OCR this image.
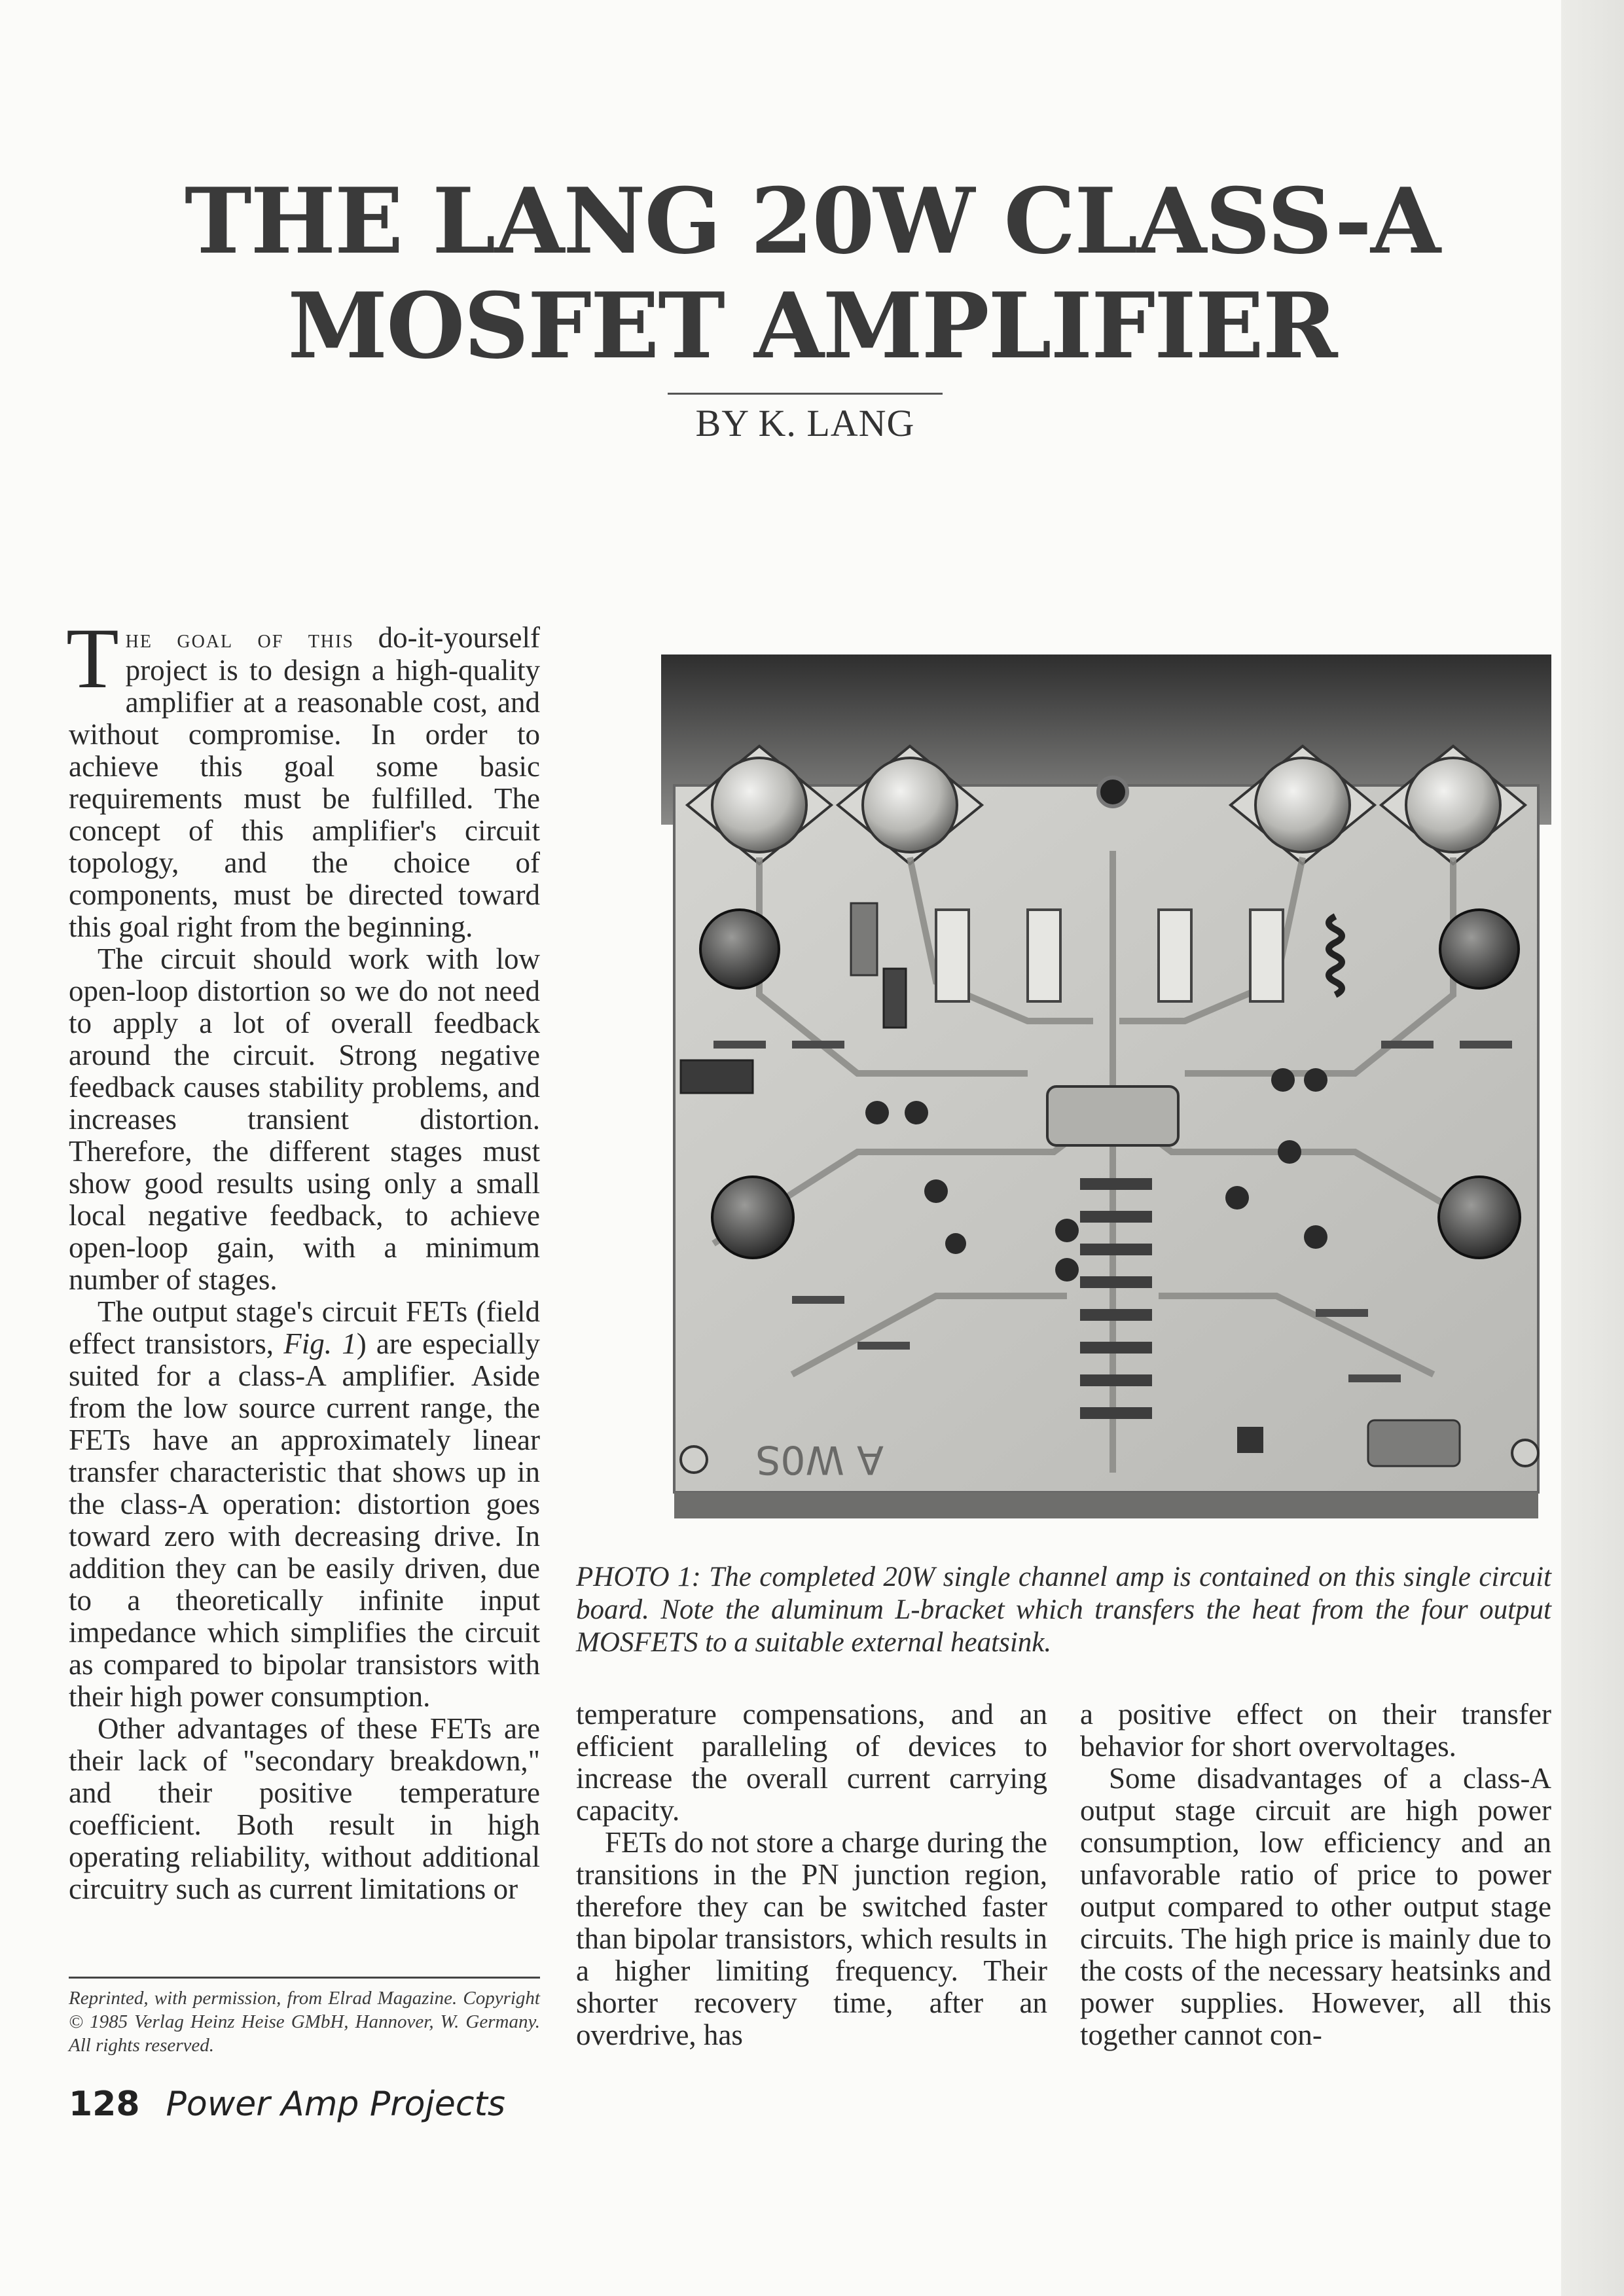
THE LANG 20W CLASS-A
MOSFET AMPLIFIER
BY K. LANG

The goal of this do-it-yourself project is to design a high-quality amplifier at a reasonable cost, and without compromise. In order to achieve this goal some basic requirements must be fulfilled. The concept of this amplifier's circuit topology, and the choice of components, must be directed toward this goal right from the beginning.

The circuit should work with low open-loop distortion so we do not need to apply a lot of overall feedback around the circuit. Strong negative feedback causes stability problems, and increases transient distortion. Therefore, the different stages must show good results using only a small local negative feedback, to achieve open-loop gain, with a minimum number of stages.

The output stage's circuit FETs (field effect transistors, Fig. 1) are especially suited for a class-A amplifier. Aside from the low source current range, the FETs have an approximately linear transfer characteristic that shows up in the class-A operation: distortion goes toward zero with decreasing drive. In addition they can be easily driven, due to a theoretically infinite input impedance which simplifies the circuit as compared to bipolar transistors with their high power consumption.

Other advantages of these FETs are their lack of "secondary breakdown," and their positive temperature coefficient. Both result in high operating reliability, without additional circuitry such as current limitations or

Reprinted, with permission, from Elrad Magazine. Copyright © 1985 Verlag Heinz Heise GMbH, Hannover, W. Germany. All rights reserved.
128 Power Amp Projects
A W0S
PHOTO 1: The completed 20W single channel amp is contained on this single circuit board. Note the aluminum L-bracket which transfers the heat from the four output MOSFETS to a suitable external heatsink.

temperature compensations, and an efficient paralleling of devices to increase the overall current carrying capacity.

FETs do not store a charge during the transitions in the PN junction region, therefore they can be switched faster than bipolar transistors, which results in a higher limiting frequency. Their shorter recovery time, after an overdrive, has

a positive effect on their transfer behavior for short overvoltages.

Some disadvantages of a class-A output stage circuit are high power consumption, low efficiency and an unfavorable ratio of price to power output compared to other output stage circuits. The high price is mainly due to the costs of the necessary heatsinks and power supplies. However, all this together cannot con-
